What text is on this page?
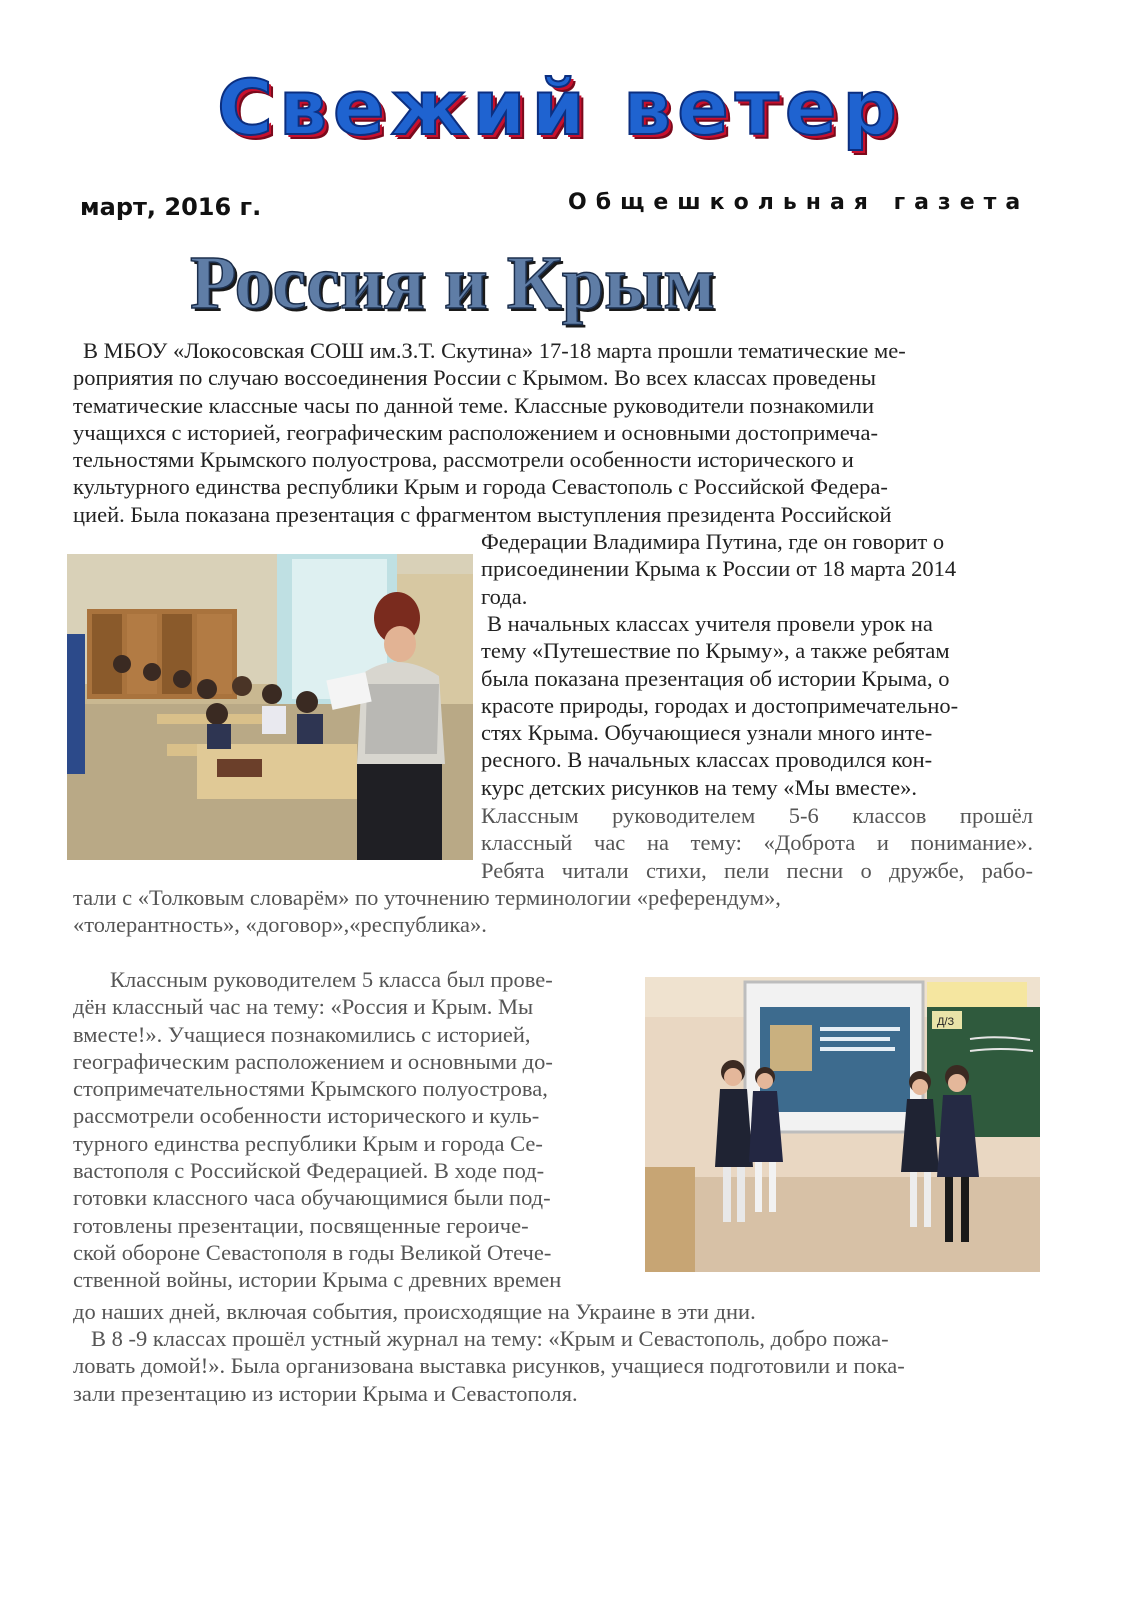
Свежий ветер
март, 2016 г.	Общешкольная газета
Россия и Крым

В МБОУ «Локосовская СОШ им.З.Т. Скутина» 17-18 марта прошли тематические ме-
роприятия по случаю воссоединения России с Крымом. Во всех классах проведены
тематические классные часы по данной теме. Классные руководители познакомили
учащихся с историей, географическим расположением и основными достопримеча-
тельностями Крымского полуострова, рассмотрели особенности исторического и
культурного единства республики Крым и города Севастополь с Российской Федера-
цией. Была показана презентация с фрагментом выступления президента Российской

Федерации Владимира Путина, где он говорит о
присоединении Крыма к России от 18 марта 2014
года.

В начальных классах учителя провели урок на
тему «Путешествие по Крыму», а также ребятам
была показана презентация об истории Крыма, о
красоте природы, городах и достопримечательно-
стях Крыма. Обучающиеся узнали много инте-
ресного. В начальных классах проводился кон-
курс детских рисунков на тему «Мы вместе».

Классным руководителем 5-6 классов прошёл
классный час на тему: «Доброта и понимание».
Ребята читали стихи, пели песни о дружбе, рабо-

тали с «Толковым словарём» по уточнению терминологии «референдум»,
«толерантность», «договор»,«республика».

Классным руководителем 5 класса был прове-
дён классный час на тему: «Россия и Крым. Мы
вместе!». Учащиеся познакомились с историей,
географическим расположением и основными до-
стопримечательностями Крымского полуострова,
рассмотрели особенности исторического и куль-
турного единства республики Крым и города Се-
вастополя с Российской Федерацией. В ходе под-
готовки классного часа обучающимися были под-
готовлены презентации, посвященные героиче-
ской обороне Севастополя в годы Великой Отече-
ственной войны, истории Крыма с древних времен

Д/З

до наших дней, включая события, происходящие на Украине в эти дни.

В 8 -9 классах прошёл устный журнал на тему: «Крым и Севастополь, добро пожа-
ловать домой!». Была организована выставка рисунков, учащиеся подготовили и пока-
зали презентацию из истории Крыма и Севастополя.
